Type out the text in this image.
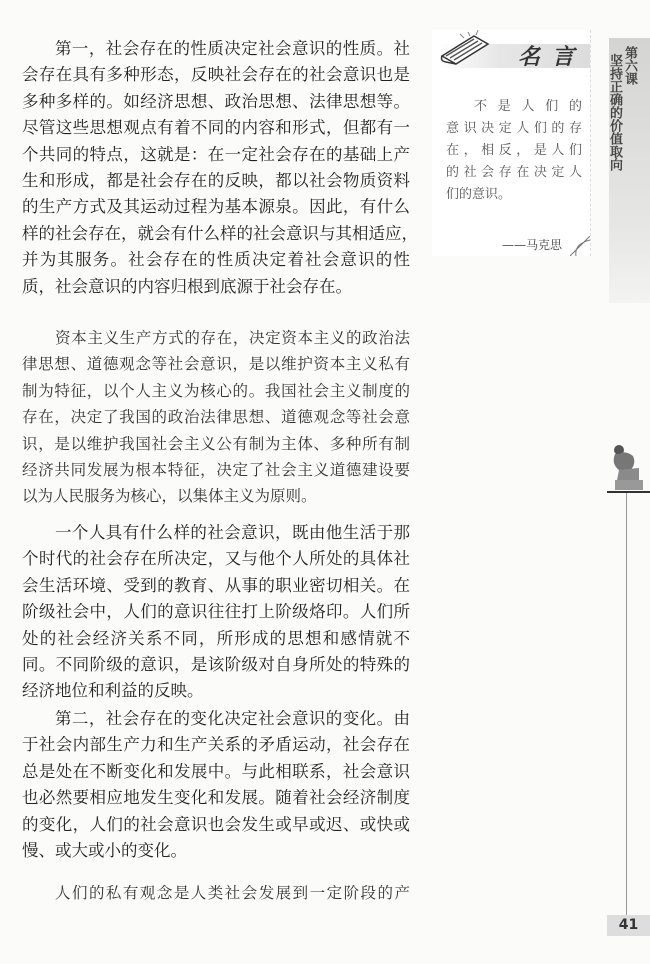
第一，社会存在的性质决定社会意识的性质。社
会存在具有多种形态，反映社会存在的社会意识也是
多种多样的。如经济思想、政治思想、法律思想等。
尽管这些思想观点有着不同的内容和形式，但都有一
个共同的特点，这就是：在一定社会存在的基础上产
生和形成，都是社会存在的反映，都以社会物质资料
的生产方式及其运动过程为基本源泉。因此，有什么
样的社会存在，就会有什么样的社会意识与其相适应，
并为其服务。社会存在的性质决定着社会意识的性
质，社会意识的内容归根到底源于社会存在。
资本主义生产方式的存在，决定资本主义的政治法
律思想、道德观念等社会意识，是以维护资本主义私有
制为特征，以个人主义为核心的。我国社会主义制度的
存在，决定了我国的政治法律思想、道德观念等社会意
识，是以维护我国社会主义公有制为主体、多种所有制
经济共同发展为根本特征，决定了社会主义道德建设要
以为人民服务为核心，以集体主义为原则。
一个人具有什么样的社会意识，既由他生活于那
个时代的社会存在所决定，又与他个人所处的具体社
会生活环境、受到的教育、从事的职业密切相关。在
阶级社会中，人们的意识往往打上阶级烙印。人们所
处的社会经济关系不同，所形成的思想和感情就不
同。不同阶级的意识，是该阶级对自身所处的特殊的
经济地位和利益的反映。
第二，社会存在的变化决定社会意识的变化。由
于社会内部生产力和生产关系的矛盾运动，社会存在
总是处在不断变化和发展中。与此相联系，社会意识
也必然要相应地发生变化和发展。随着社会经济制度
的变化，人们的社会意识也会发生或早或迟、或快或
慢、或大或小的变化。
人们的私有观念是人类社会发展到一定阶段的产
名言
不是人们的
意识决定人们的存
在，相反，是人们
的社会存在决定人
们的意识。
——马克思
第六课
坚持正确的价值取向
41
